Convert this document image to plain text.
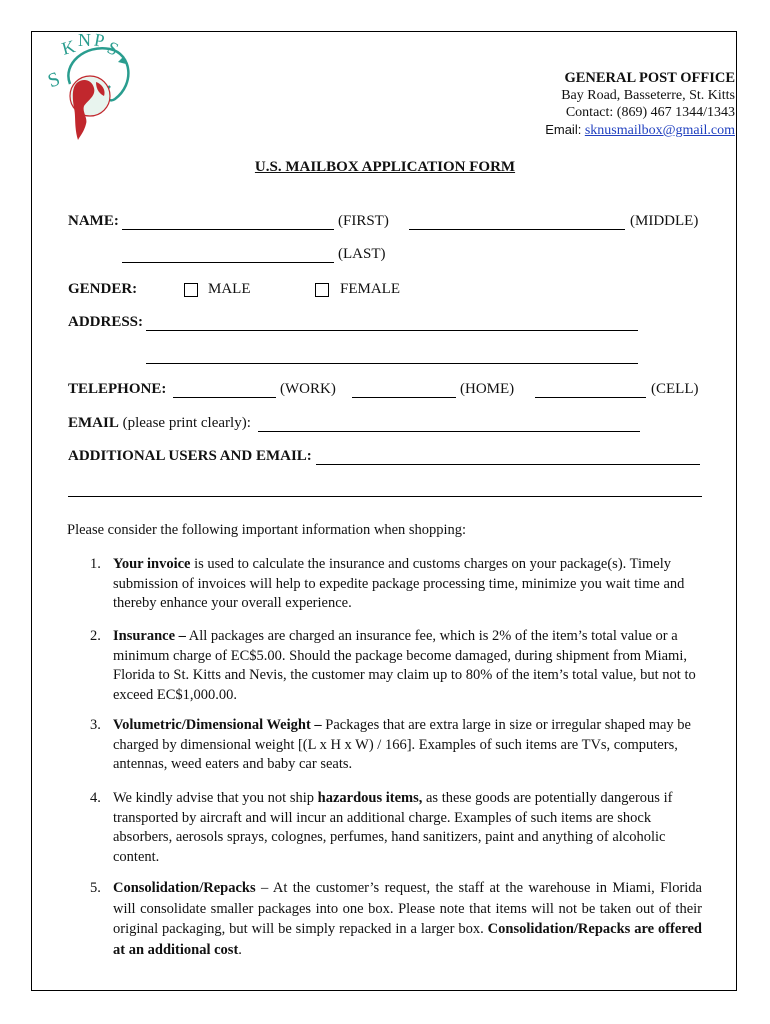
S
K N P
S
GENERAL POST OFFICE
Bay Road, Basseterre, St. Kitts
Contact: (869) 467 1344/1343
Email: sknusmailbox@gmail.com
U.S. MAILBOX APPLICATION FORM
NAME:	(FIRST)	(MIDDLE)
(LAST)
GENDER:	MALE	FEMALE
ADDRESS:
TELEPHONE:	(WORK)	(HOME)	(CELL)
EMAIL (please print clearly):
ADDITIONAL USERS AND EMAIL:
Please consider the following important information when shopping:
1. Your invoice is used to calculate the insurance and customs charges on your package(s). Timely submission of invoices will help to expedite package processing time, minimize you wait time and thereby enhance your overall experience.
2. Insurance – All packages are charged an insurance fee, which is 2% of the item’s total value or a minimum charge of EC$5.00. Should the package become damaged, during shipment from Miami, Florida to St. Kitts and Nevis, the customer may claim up to 80% of the item’s total value, but not to exceed EC$1,000.00.
3. Volumetric/Dimensional Weight – Packages that are extra large in size or irregular shaped may be charged by dimensional weight [(L x H x W) / 166]. Examples of such items are TVs, computers, antennas, weed eaters and baby car seats.
4. We kindly advise that you not ship hazardous items, as these goods are potentially dangerous if transported by aircraft and will incur an additional charge. Examples of such items are shock absorbers, aerosols sprays, colognes, perfumes, hand sanitizers, paint and anything of alcoholic content.
5. Consolidation/Repacks – At the customer’s request, the staff at the warehouse in Miami, Florida will consolidate smaller packages into one box. Please note that items will not be taken out of their original packaging, but will be simply repacked in a larger box. Consolidation/Repacks are offered at an additional cost.
